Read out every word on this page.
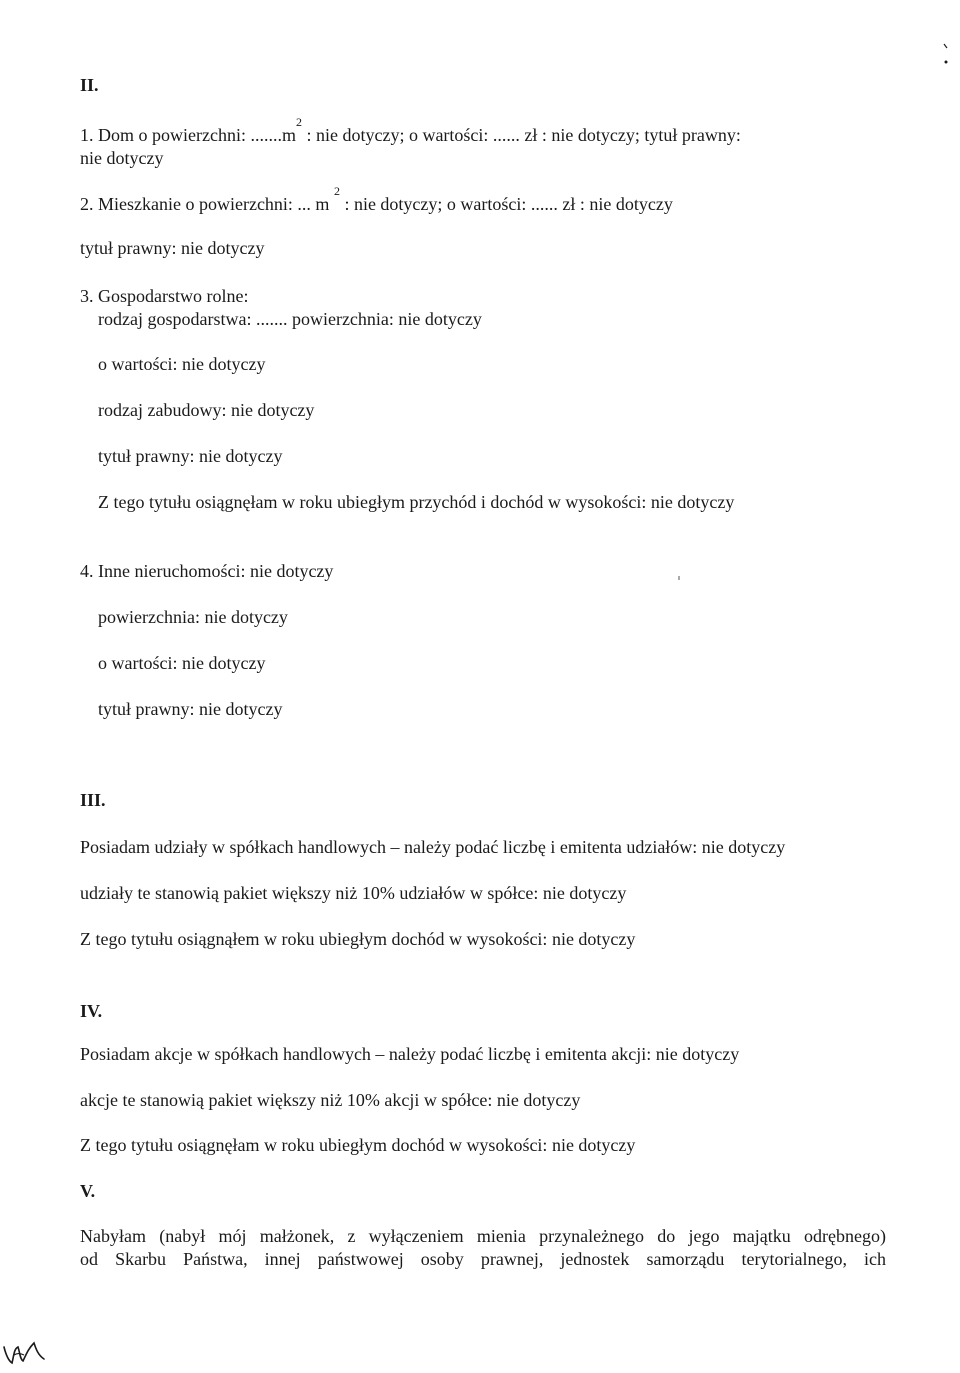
II.
1. Dom o powierzchni: $.......m^2$ : nie dotyczy; o wartości: ...... zł : nie dotyczy; tytuł prawny:
nie dotyczy
2. Mieszkanie o powierzchni: ... m $^2$ : nie dotyczy; o wartości: ...... zł : nie dotyczy
tytuł prawny: nie dotyczy
3. Gospodarstwo rolne:
rodzaj gospodarstwa: ....... powierzchnia: nie dotyczy
o wartości: nie dotyczy
rodzaj zabudowy: nie dotyczy
tytuł prawny: nie dotyczy
Z tego tytułu osiągnęłam w roku ubiegłym przychód i dochód w wysokości: nie dotyczy
4. Inne nieruchomości: nie dotyczy
powierzchnia: nie dotyczy
o wartości: nie dotyczy
tytuł prawny: nie dotyczy
III.
Posiadam udziały w spółkach handlowych – należy podać liczbę i emitenta udziałów: nie dotyczy
udziały te stanowią pakiet większy niż 10% udziałów w spółce: nie dotyczy
Z tego tytułu osiągnąłem w roku ubiegłym dochód w wysokości: nie dotyczy
IV.
Posiadam akcje w spółkach handlowych – należy podać liczbę i emitenta akcji: nie dotyczy
akcje te stanowią pakiet większy niż 10% akcji w spółce: nie dotyczy
Z tego tytułu osiągnęłam w roku ubiegłym dochód w wysokości: nie dotyczy
V.
Nabyłam (nabył mój małżonek, z wyłączeniem mienia przynależnego do jego majątku odrębnego)
od Skarbu Państwa, innej państwowej osoby prawnej, jednostek samorządu terytorialnego, ich
